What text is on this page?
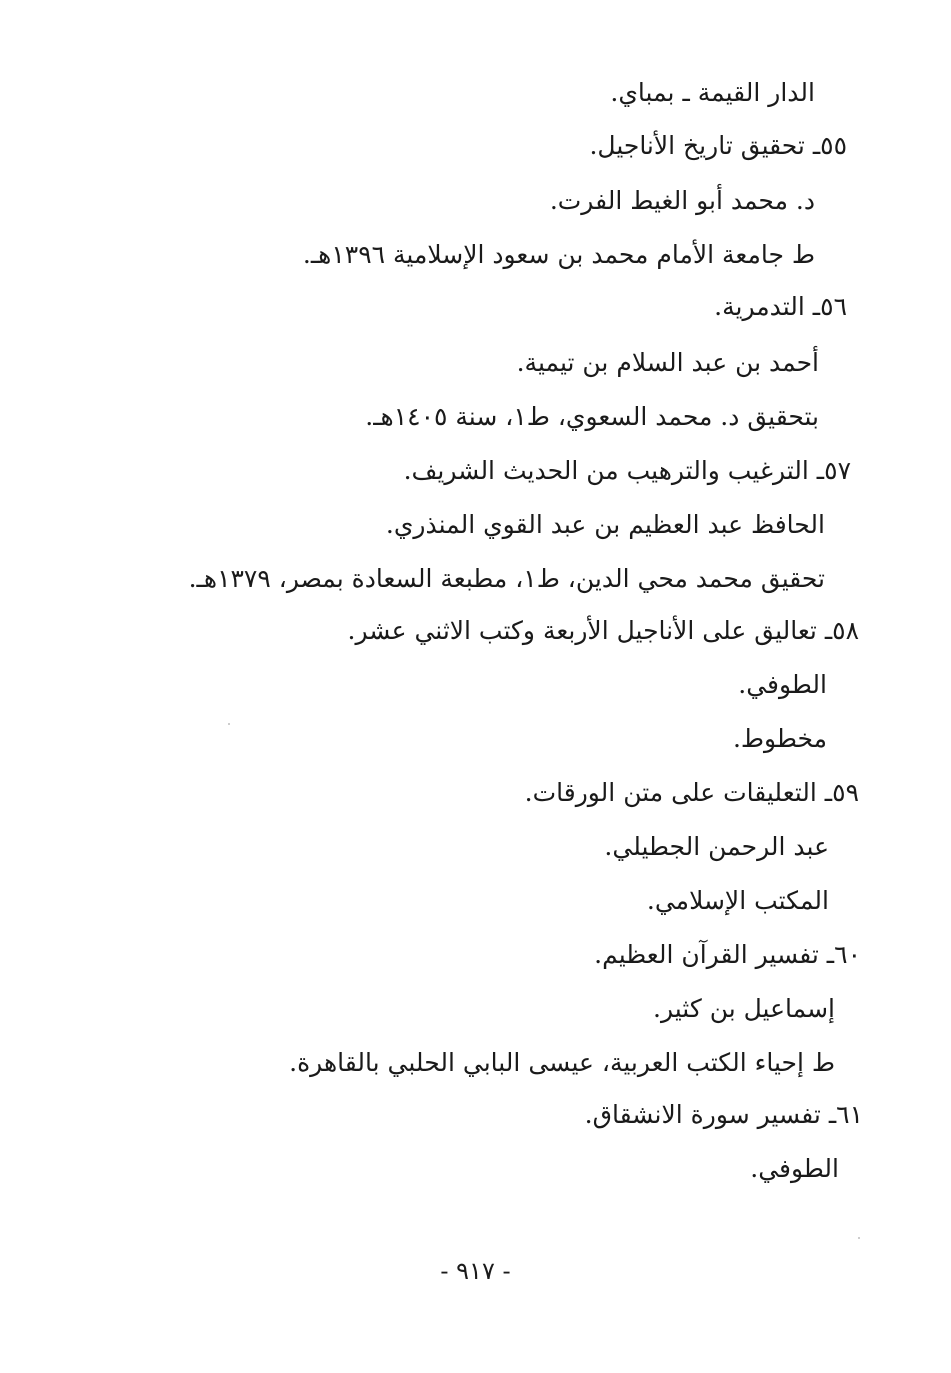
الدار القيمة ـ بمباي.
٥٥ـ تحقيق تاريخ الأناجيل.
د. محمد أبو الغيط الفرت.
ط جامعة الأمام محمد بن سعود الإسلامية ١٣٩٦هـ.
٥٦ـ التدمرية.
أحمد بن عبد السلام بن تيمية.
بتحقيق د. محمد السعوي، ط١، سنة ١٤٠٥هـ.
٥٧ـ الترغيب والترهيب من الحديث الشريف.
الحافظ عبد العظيم بن عبد القوي المنذري.
تحقيق محمد محي الدين، ط١، مطبعة السعادة بمصر، ١٣٧٩هـ.
٥٨ـ تعاليق على الأناجيل الأربعة وكتب الاثني عشر.
الطوفي.
مخطوط.
٥٩ـ التعليقات على متن الورقات.
عبد الرحمن الجطيلي.
المكتب الإسلامي.
٦٠ـ تفسير القرآن العظيم.
إسماعيل بن كثير.
ط إحياء الكتب العربية، عيسى البابي الحلبي بالقاهرة.
٦١ـ تفسير سورة الانشقاق.
الطوفي.
- ٩١٧ -
